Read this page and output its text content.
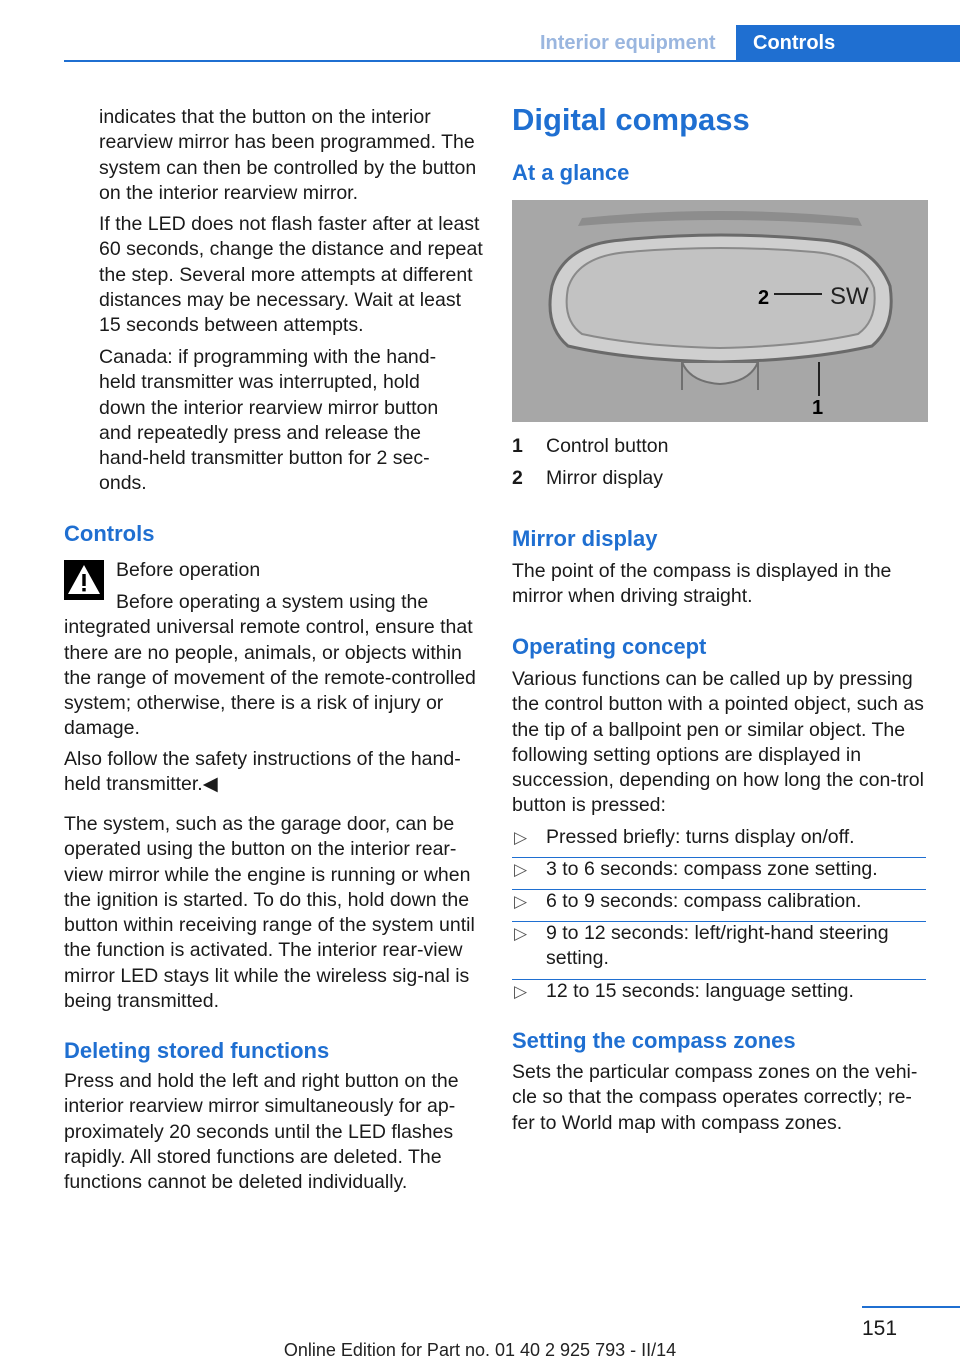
Interior equipment	Controls

indicates that the button on the interior rearview mirror has been programmed. The system can then be controlled by the button on the interior rearview mirror.

If the LED does not flash faster after at least 60 seconds, change the distance and repeat the step. Several more attempts at different distances may be necessary. Wait at least 15 seconds between attempts.

Canada: if programming with the hand-held transmitter was interrupted, hold down the interior rearview mirror button and repeatedly press and release the hand-held transmitter button for 2 sec-onds.

Controls
Before operation

Before operating a system using the integrated universal remote control, ensure that there are no people, animals, or objects within the range of movement of the remote-controlled system; otherwise, there is a risk of injury or damage.

Also follow the safety instructions of the hand-held transmitter.◀

The system, such as the garage door, can be operated using the button on the interior rear-view mirror while the engine is running or when the ignition is started. To do this, hold down the button within receiving range of the system until the function is activated. The interior rear-view mirror LED stays lit while the wireless sig-nal is being transmitted.

Deleting stored functions

Press and hold the left and right button on the interior rearview mirror simultaneously for ap-proximately 20 seconds until the LED flashes rapidly. All stored functions are deleted. The functions cannot be deleted individually.

Digital compass
At a glance
2	SW
1
1 Control button
2 Mirror display
Mirror display

The point of the compass is displayed in the mirror when driving straight.

Operating concept

Various functions can be called up by pressing the control button with a pointed object, such as the tip of a ballpoint pen or similar object. The following setting options are displayed in succession, depending on how long the con-trol button is pressed:

▷ Pressed briefly: turns display on/off.
▷ 3 to 6 seconds: compass zone setting.
▷ 6 to 9 seconds: compass calibration.
▷ 9 to 12 seconds: left/right-hand steering setting.
▷ 12 to 15 seconds: language setting.
Setting the compass zones

Sets the particular compass zones on the vehi-cle so that the compass operates correctly; re-fer to World map with compass zones.

151
Online Edition for Part no. 01 40 2 925 793 - II/14
